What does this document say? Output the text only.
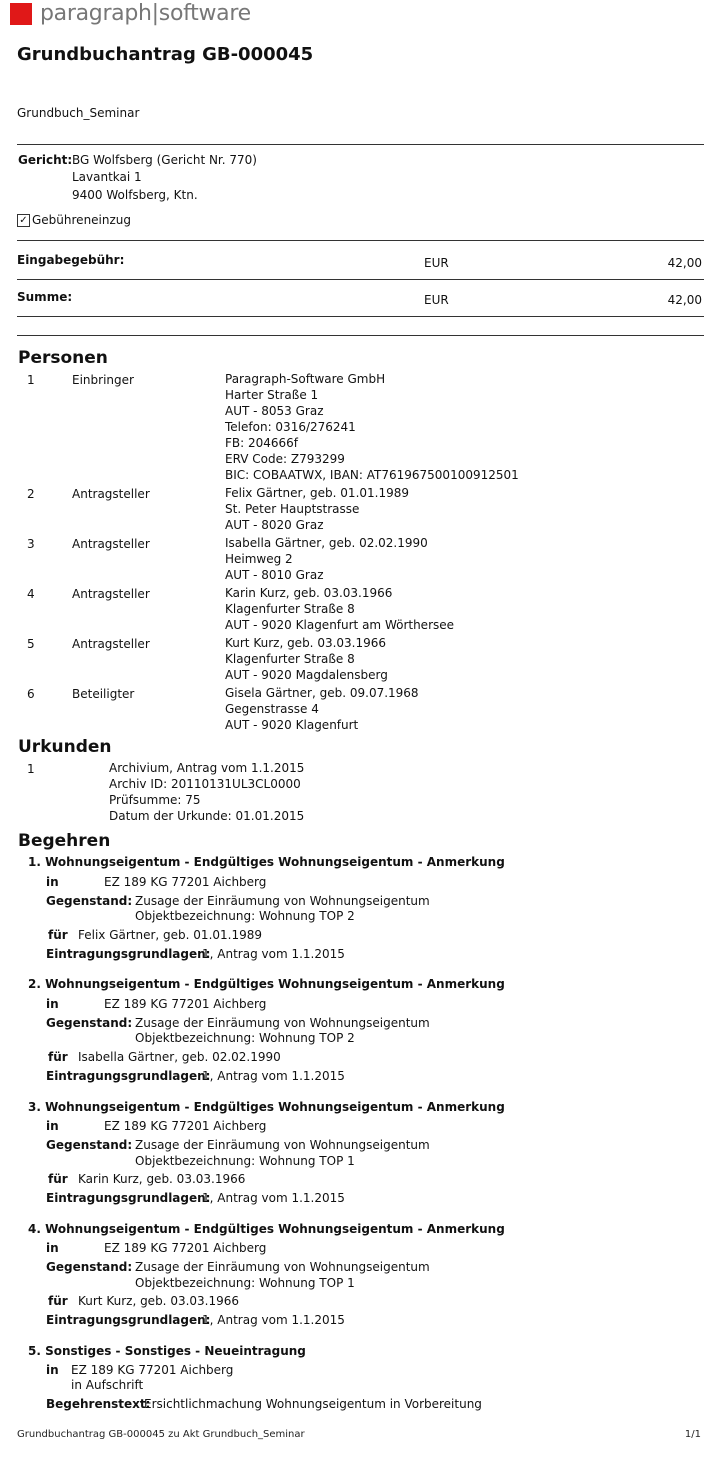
paragraph|software
Grundbuchantrag GB-000045
Grundbuch_Seminar
Gericht: BG Wolfsberg (Gericht Nr. 770)
Lavantkai 1
9400 Wolfsberg, Ktn.
✓ Gebühreneinzug
Eingabegebühr:	EUR	42,00
Summe:	EUR	42,00
Personen
1	Einbringer	Paragraph-Software GmbH
Harter Straße 1
AUT - 8053 Graz
Telefon: 0316/276241
FB: 204666f
ERV Code: Z793299
BIC: COBAATWX, IBAN: AT761967500100912501
2	Antragsteller	Felix Gärtner, geb. 01.01.1989
St. Peter Hauptstrasse
AUT - 8020 Graz
3	Antragsteller	Isabella Gärtner, geb. 02.02.1990
Heimweg 2
AUT - 8010 Graz
4	Antragsteller	Karin Kurz, geb. 03.03.1966
Klagenfurter Straße 8
AUT - 9020 Klagenfurt am Wörthersee
5	Antragsteller	Kurt Kurz, geb. 03.03.1966
Klagenfurter Straße 8
AUT - 9020 Magdalensberg
6	Beteiligter	Gisela Gärtner, geb. 09.07.1968
Gegenstrasse 4
AUT - 9020 Klagenfurt
Urkunden
1	Archivium, Antrag vom 1.1.2015
Archiv ID: 20110131UL3CL0000
Prüfsumme: 75
Datum der Urkunde: 01.01.2015
Begehren
1. Wohnungseigentum - Endgültiges Wohnungseigentum - Anmerkung
in	EZ 189 KG 77201 Aichberg
Gegenstand: Zusage der Einräumung von Wohnungseigentum
Objektbezeichnung: Wohnung TOP 2
für Felix Gärtner, geb. 01.01.1989
Eintragungsgrundlagen:
1, Antrag vom 1.1.2015
2. Wohnungseigentum - Endgültiges Wohnungseigentum - Anmerkung
in	EZ 189 KG 77201 Aichberg
Gegenstand: Zusage der Einräumung von Wohnungseigentum
Objektbezeichnung: Wohnung TOP 2
für Isabella Gärtner, geb. 02.02.1990
Eintragungsgrundlagen:
1, Antrag vom 1.1.2015
3. Wohnungseigentum - Endgültiges Wohnungseigentum - Anmerkung
in	EZ 189 KG 77201 Aichberg
Gegenstand: Zusage der Einräumung von Wohnungseigentum
Objektbezeichnung: Wohnung TOP 1
für Karin Kurz, geb. 03.03.1966
Eintragungsgrundlagen:
1, Antrag vom 1.1.2015
4. Wohnungseigentum - Endgültiges Wohnungseigentum - Anmerkung
in	EZ 189 KG 77201 Aichberg
Gegenstand: Zusage der Einräumung von Wohnungseigentum
Objektbezeichnung: Wohnung TOP 1
für Kurt Kurz, geb. 03.03.1966
Eintragungsgrundlagen:
1, Antrag vom 1.1.2015
5. Sonstiges - Sonstiges - Neueintragung
in EZ 189 KG 77201 Aichberg
in Aufschrift
Begehrenstext:
Ersichtlichmachung Wohnungseigentum in Vorbereitung
Grundbuchantrag GB-000045 zu Akt Grundbuch_Seminar	1/1
